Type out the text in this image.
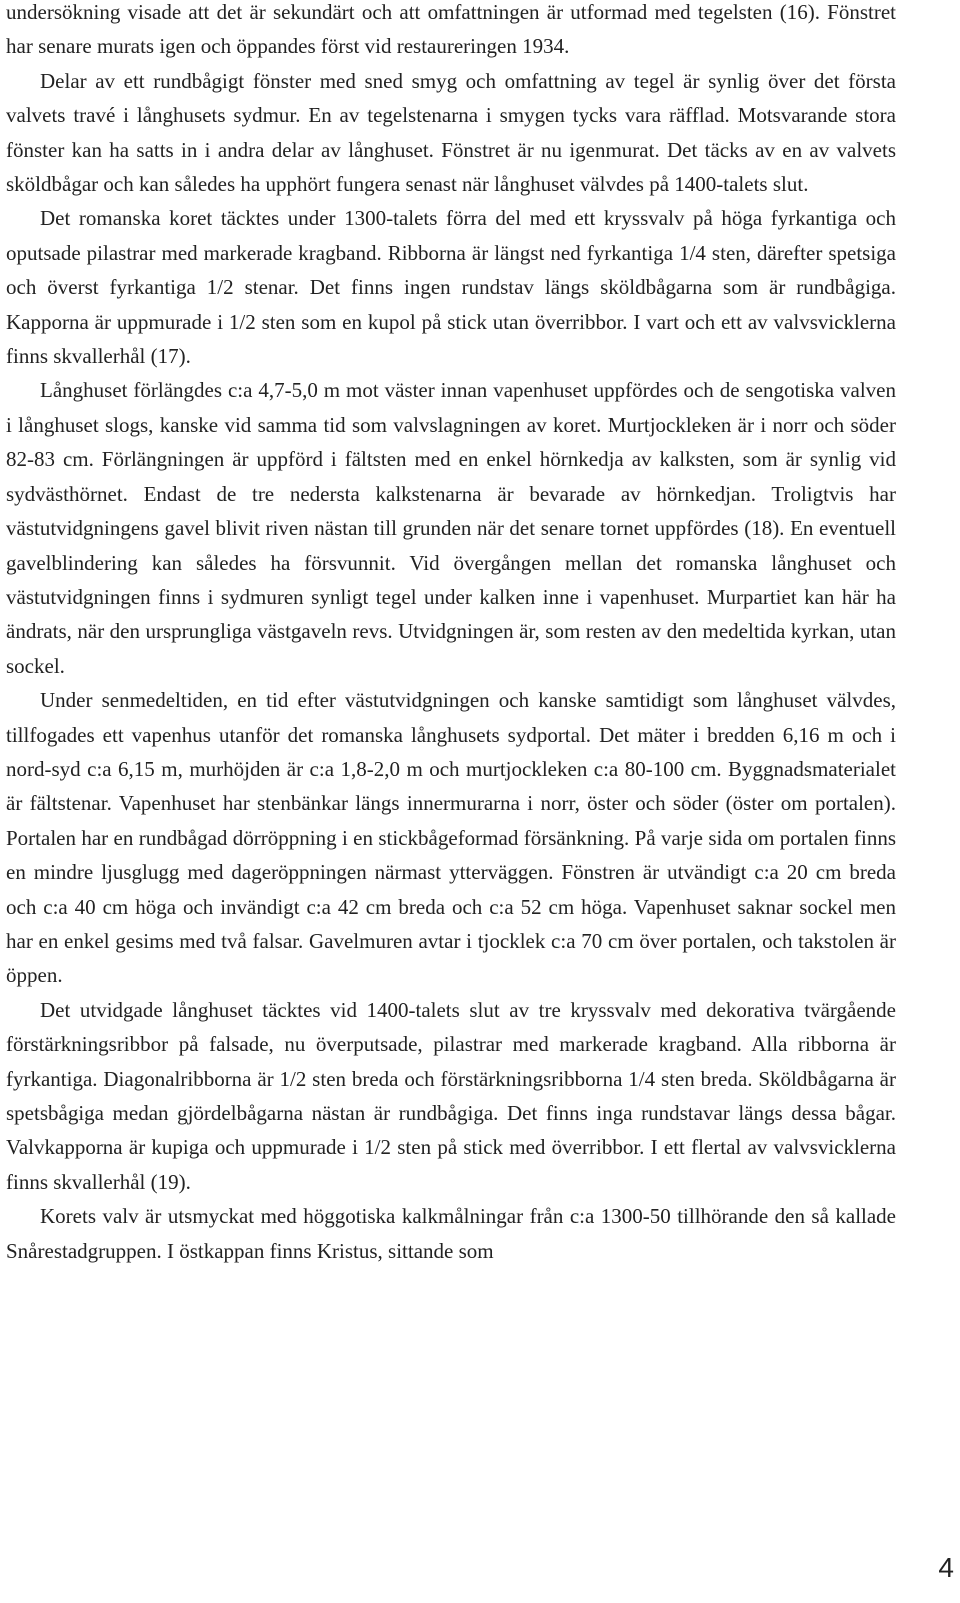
undersökning visade att det är sekundärt och att omfattningen är utformad med tegelsten (16). Fönstret har senare murats igen och öppandes först vid restaureringen 1934.

Delar av ett rundbågigt fönster med sned smyg och omfattning av tegel är synlig över det första valvets travé i långhusets sydmur. En av tegelstenarna i smygen tycks vara räfflad. Motsvarande stora fönster kan ha satts in i andra delar av långhuset. Fönstret är nu igenmurat. Det täcks av en av valvets sköldbågar och kan således ha upphört fungera senast när långhuset välvdes på 1400-talets slut.

Det romanska koret täcktes under 1300-talets förra del med ett kryssvalv på höga fyrkantiga och oputsade pilastrar med markerade kragband. Ribborna är längst ned fyrkantiga 1/4 sten, därefter spetsiga och överst fyrkantiga 1/2 stenar. Det finns ingen rundstav längs sköldbågarna som är rundbågiga. Kapporna är uppmurade i 1/2 sten som en kupol på stick utan överribbor. I vart och ett av valvsvicklerna finns skvallerhål (17).

Långhuset förlängdes c:a 4,7-5,0 m mot väster innan vapenhuset uppfördes och de sengotiska valven i långhuset slogs, kanske vid samma tid som valvslagningen av koret. Murtjockleken är i norr och söder 82-83 cm. Förlängningen är uppförd i fältsten med en enkel hörnkedja av kalksten, som är synlig vid sydvästhörnet. Endast de tre nedersta kalkstenarna är bevarade av hörnkedjan. Troligtvis har västutvidgningens gavel blivit riven nästan till grunden när det senare tornet uppfördes (18). En eventuell gavelblindering kan således ha försvunnit. Vid övergången mellan det romanska långhuset och västutvidgningen finns i sydmuren synligt tegel under kalken inne i vapenhuset. Murpartiet kan här ha ändrats, när den ursprungliga västgaveln revs. Utvidgningen är, som resten av den medeltida kyrkan, utan sockel.

Under senmedeltiden, en tid efter västutvidgningen och kanske samtidigt som långhuset välvdes, tillfogades ett vapenhus utanför det romanska långhusets sydportal. Det mäter i bredden 6,16 m och i nord-syd c:a 6,15 m, murhöjden är c:a 1,8-2,0 m och murtjockleken c:a 80-100 cm. Byggnadsmaterialet är fältstenar. Vapenhuset har stenbänkar längs innermurarna i norr, öster och söder (öster om portalen). Portalen har en rundbågad dörröppning i en stickbågeformad försänkning. På varje sida om portalen finns en mindre ljusglugg med dageröppningen närmast ytterväggen. Fönstren är utvändigt c:a 20 cm breda och c:a 40 cm höga och invändigt c:a 42 cm breda och c:a 52 cm höga. Vapenhuset saknar sockel men har en enkel gesims med två falsar. Gavelmuren avtar i tjocklek c:a 70 cm över portalen, och takstolen är öppen.

Det utvidgade långhuset täcktes vid 1400-talets slut av tre kryssvalv med dekorativa tvärgående förstärkningsribbor på falsade, nu överputsade, pilastrar med markerade kragband. Alla ribborna är fyrkantiga. Diagonalribborna är 1/2 sten breda och förstärkningsribborna 1/4 sten breda. Sköldbågarna är spetsbågiga medan gjördelbågarna nästan är rundbågiga. Det finns inga rundstavar längs dessa bågar. Valvkapporna är kupiga och uppmurade i 1/2 sten på stick med överribbor. I ett flertal av valvsvicklerna finns skvallerhål (19).

Korets valv är utsmyckat med höggotiska kalkmålningar från c:a 1300-50 tillhörande den så kallade Snårestadgruppen. I östkappan finns Kristus, sittande som

4
